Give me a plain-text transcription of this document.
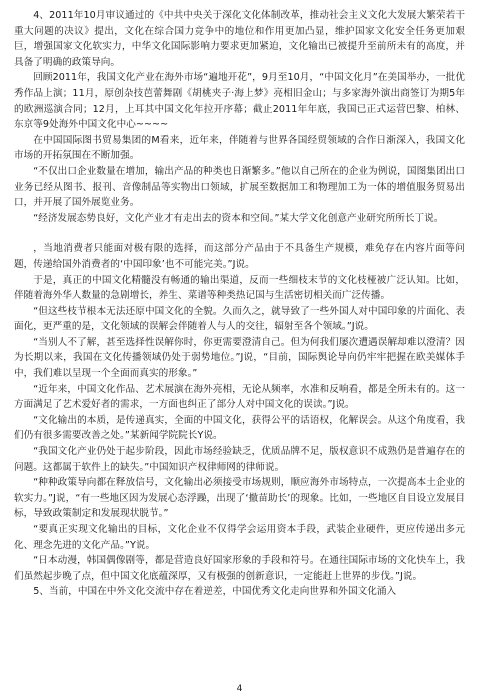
4、2011年10月审议通过的《中共中央关于深化文化体制改革，推动社会主义文化大发展大繁荣若干重大问题的决议》提出，文化在综合国力竞争中的地位和作用更加凸显，维护国家文化安全任务更加艰巨，增强国家文化软实力，中华文化国际影响力要求更加紧迫，文化输出已被提升至前所未有的高度，并具备了明确的政策导向。

回顾2011年，我国文化产业在海外市场“遍地开花”，9月至10月，“中国文化月”在美国举办，一批优秀作品上演；11月，原创杂技芭蕾舞剧《胡桃夹子·海上梦》亮相旧金山；与多家海外演出商签订为期5年的欧洲巡演合同；12月，上耳其中国文化年拉开序幕；截止2011年年底，我国已正式运营巴黎、柏林、东京等9处海外中国文化中心~~~~

在中国国际图书贸易集团的M看来，近年来，伴随着与世界各国经贸领域的合作日渐深入，我国文化市场的开拓氛围在不断加强。

“不仅出口企业数量在增加，输出产品的种类也日渐繁多。”他以自己所在的企业为例说，国图集团出口业务已经从图书、报刊、音像制品等实物出口领域，扩展至数据加工和物理加工为一体的增值服务贸易出口，并开展了国外展览业务。

“经济发展态势良好，文化产业才有走出去的资本和空间。”某大学文化创意产业研究所所长丁说。

，当地消费者只能面对极有限的选择，而这部分产品由于不具备生产规模，难免存在内容片面等问题，传递给国外消费者的‘中国印象’也不可能完美。”J说。

于是，真正的中国文化精髓没有畅通的输出渠道，反而一些细枝末节的文化枝桠被广泛认知。比如，伴随着海外华人数量的急剧增长，养生、菜谱等种类热记国与生活密切相关而广泛传播。

“但这些枝节根本无法还原中国文化的全貌。久而久之，就导致了一些外国人对中国印象的片面化、表面化，更严重的是，文化领域的误解会伴随着人与人的交往，辐射至各个领域。”J说。

“当别人不了解，甚至选择性误解你时，你更需要澄清自己。但为何我们屡次遭遇误解却难以澄清？因为长期以来，我国在文化传播领域仍处于弱势地位。”J说，“目前，国际舆论导向仍牢牢把握在欧美媒体手中，我们难以呈现一个全面而真实的形象。”

“近年来，中国文化作品、艺术展演在海外亮相，无论从频率，水准和反响看，都是全所未有的。这一方面满足了艺术爱好者的需求，一方面也纠正了部分人对中国文化的误读。”J说。

“文化输出的本质，是传递真实，全面的中国文化，获得公平的话语权，化解误会。从这个角度看，我们仍有很多需要改善之处。”某新闻学院院长Y说。

“我国文化产业仍处于起步阶段，因此市场经验缺乏，优质品牌不足，版权意识不成熟仍是普遍存在的问题。这都属于软件上的缺失。”中国知识产权律师网的律师说。

“种种政策导向都在释放信号，文化输出必须接受市场规则，顺应海外市场特点，一次提高本土企业的软实力。”J说，“有一些地区因为发展心态浮躁，出现了‘撤苗助长’的现象。比如，一些地区自目设立发展目标，导致政策制定和发展现状脱节。”

“要真正实现文化输出的目标，文化企业不仅得学会运用资本手段，武装企业硬件，更应传递出多元化、理念先进的文化产品。”Y说。

“日本动漫，韩国偶像剧等，都是营造良好国家形象的手段和符号。在通往国际市场的文化快车上，我们虽然起步晚了点，但中国文化底蕴深厚，又有极强的创新意识，一定能赶上世界的步伐。”J说。

5、当前，中国在中外文化交流中存在着逆差，中国优秀文化走向世界和外国文化涌入

4
